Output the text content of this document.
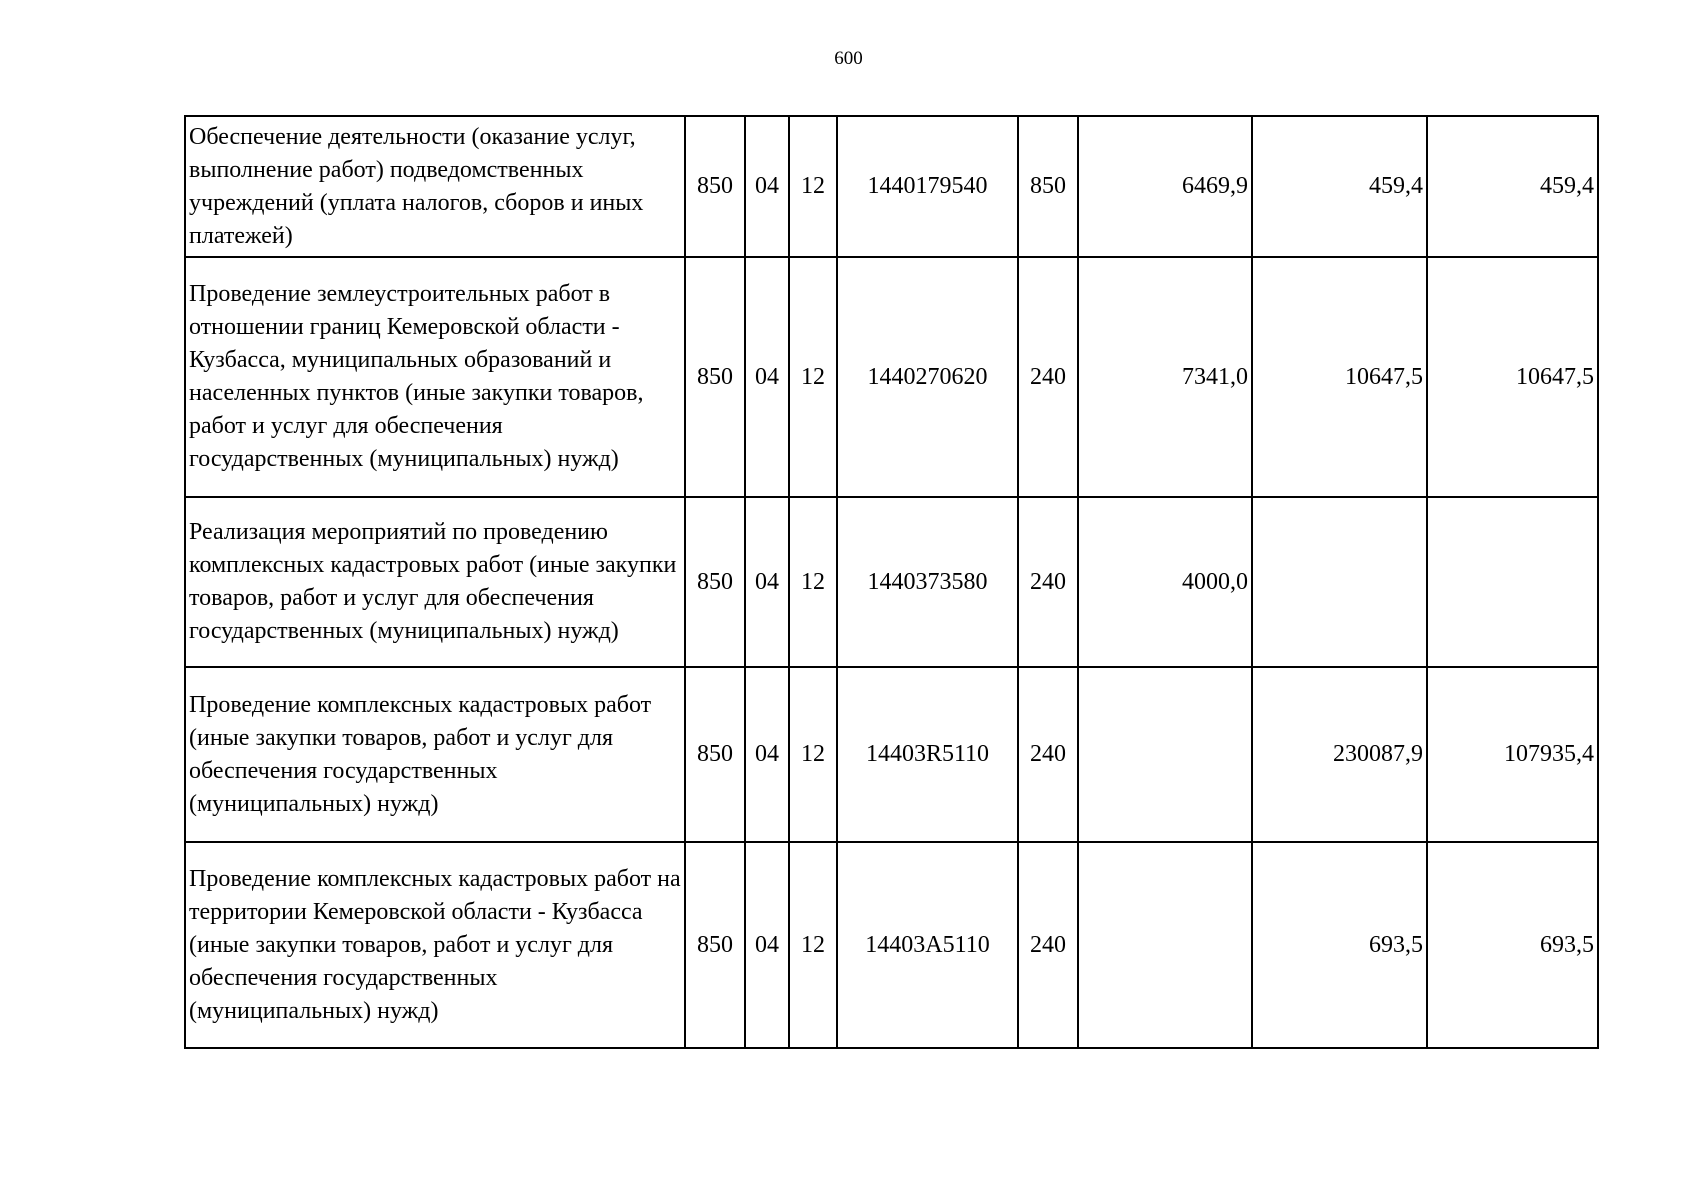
600
Обеспечение деятельности (оказание услуг, выполнение работ) подведомственных учреждений (уплата налогов, сборов и иных платежей)	850	04	12	1440179540	850	6469,9	459,4	459,4
Проведение землеустроительных работ в отношении границ Кемеровской области - Кузбасса, муниципальных образований и населенных пунктов (иные закупки товаров, работ и услуг для обеспечения государственных (муниципальных) нужд)	850	04	12	1440270620	240	7341,0	10647,5	10647,5
Реализация мероприятий по проведению комплексных кадастровых работ (иные закупки товаров, работ и услуг для обеспечения государственных (муниципальных) нужд)	850	04	12	1440373580	240	4000,0		
Проведение комплексных кадастровых работ (иные закупки товаров, работ и услуг для обеспечения государственных (муниципальных) нужд)	850	04	12	14403R5110	240		230087,9	107935,4
Проведение комплексных кадастровых работ на территории Кемеровской области - Кузбасса (иные закупки товаров, работ и услуг для обеспечения государственных (муниципальных) нужд)	850	04	12	14403A5110	240		693,5	693,5
